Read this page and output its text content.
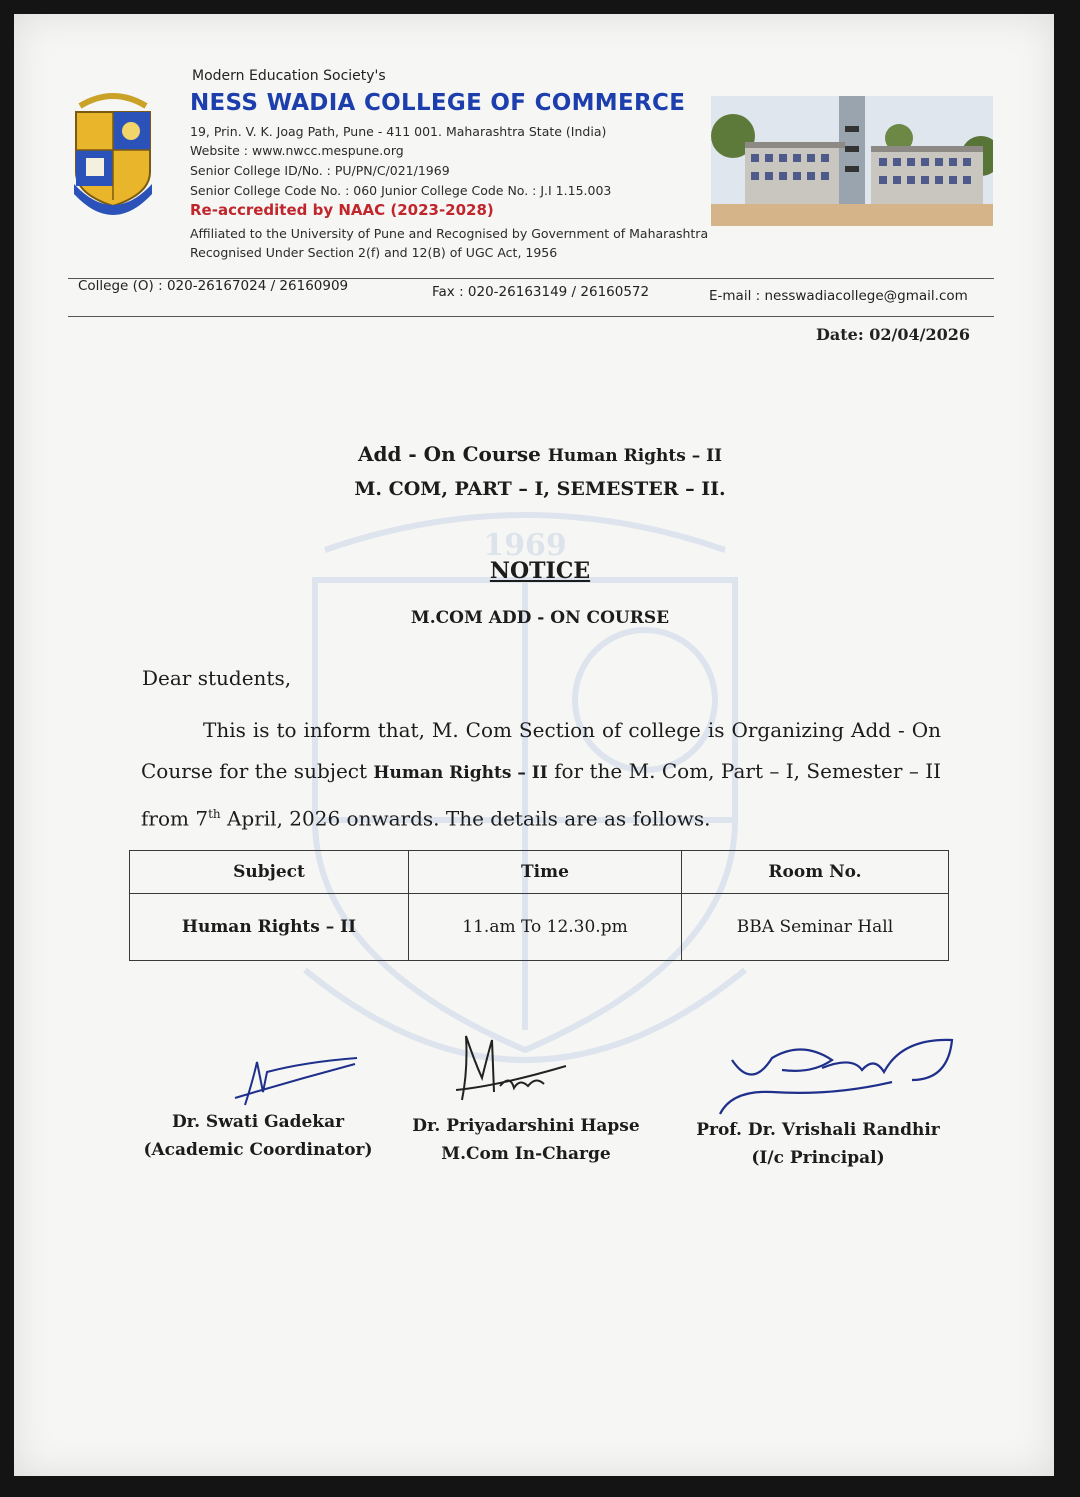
1969
Modern Education Society's
NESS WADIA COLLEGE OF COMMERCE
19, Prin. V. K. Joag Path, Pune - 411 001. Maharashtra State (India)
Website : www.nwcc.mespune.org
Senior College ID/No. : PU/PN/C/021/1969
Senior College Code No. : 060 Junior College Code No. : J.I 1.15.003
Re-accredited by NAAC (2023-2028)
Affiliated to the University of Pune and Recognised by Government of Maharashtra
Recognised Under Section 2(f) and 12(B) of UGC Act, 1956
College (O) : 020-26167024 / 26160909	Fax : 020-26163149 / 26160572	E-mail : nesswadiacollege@gmail.com
Date: 02/04/2026
Add - On Course Human Rights – II
M. COM, PART – I, SEMESTER – II.
NOTICE
M.COM ADD - ON COURSE
Dear students,
This is to inform that, M. Com Section of college is Organizing Add - On Course for the subject Human Rights – II for the M. Com, Part – I, Semester – II from 7th April, 2026 onwards. The details are as follows.
Subject	Time	Room No.
Human Rights – II	11.am To 12.30.pm	BBA Seminar Hall
Dr. Swati Gadekar
(Academic Coordinator)
Dr. Priyadarshini Hapse
M.Com In-Charge
Prof. Dr. Vrishali Randhir
(I/c Principal)
